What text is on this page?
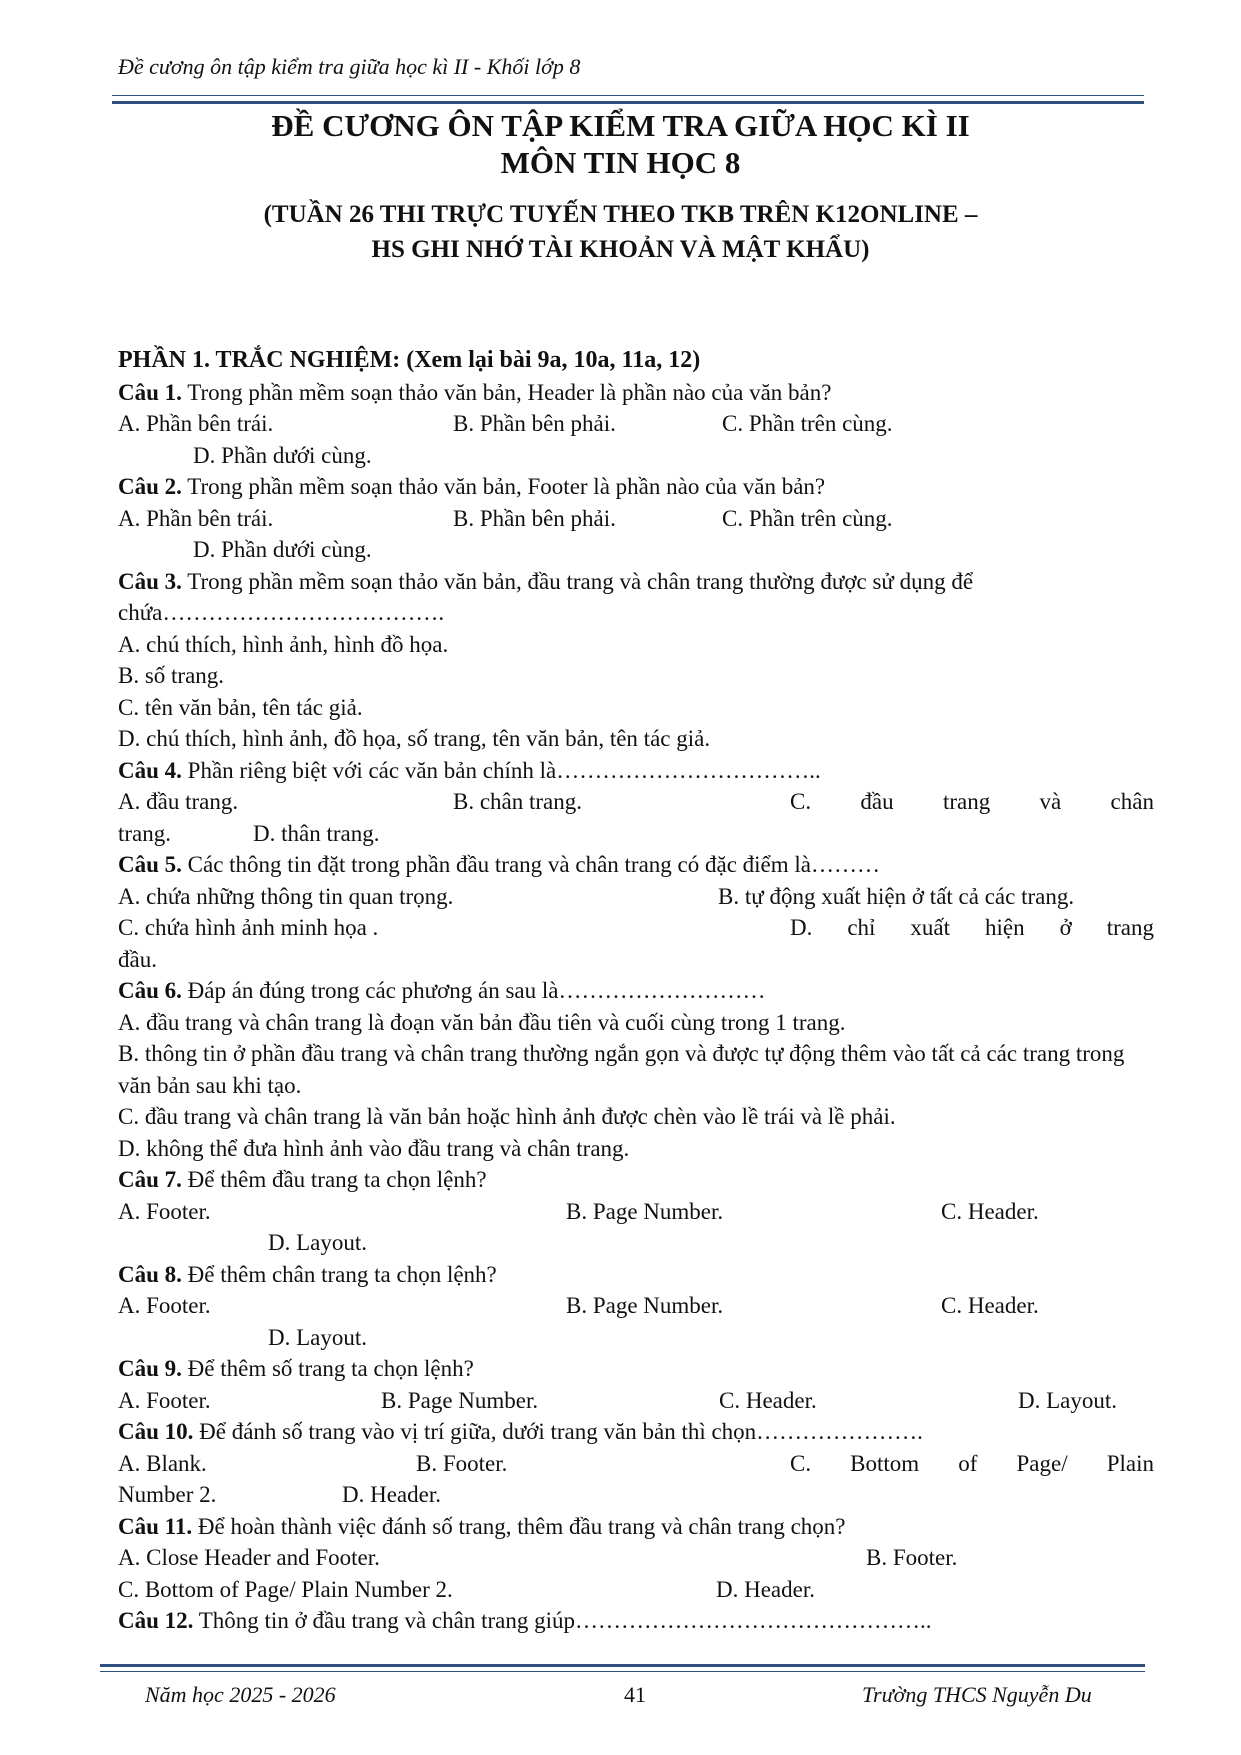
Đề cương ôn tập kiểm tra giữa học kì II - Khối lớp 8
ĐỀ CƯƠNG ÔN TẬP KIỂM TRA GIỮA HỌC KÌ II
MÔN TIN HỌC 8
(TUẦN 26 THI TRỰC TUYẾN THEO TKB TRÊN K12ONLINE –
HS GHI NHỚ TÀI KHOẢN VÀ MẬT KHẨU)
PHẦN 1. TRẮC NGHIỆM: (Xem lại bài 9a, 10a, 11a, 12)
Câu 1. Trong phần mềm soạn thảo văn bản, Header là phần nào của văn bản?
A. Phần bên trái.	B. Phần bên phải.	C. Phần trên cùng.
D. Phần dưới cùng.
Câu 2. Trong phần mềm soạn thảo văn bản, Footer là phần nào của văn bản?
A. Phần bên trái.	B. Phần bên phải.	C. Phần trên cùng.
D. Phần dưới cùng.
Câu 3. Trong phần mềm soạn thảo văn bản, đầu trang và chân trang thường được sử dụng để chứa……………………………….
A. chú thích, hình ảnh, hình đồ họa.
B. số trang.
C. tên văn bản, tên tác giả.
D. chú thích, hình ảnh, đồ họa, số trang, tên văn bản, tên tác giả.
Câu 4. Phần riêng biệt với các văn bản chính là……………………………..
A. đầu trang.	B. chân trang.	C. đầu trang và chân
trang.	D. thân trang.
Câu 5. Các thông tin đặt trong phần đầu trang và chân trang có đặc điểm là………
A. chứa những thông tin quan trọng.	B. tự động xuất hiện ở tất cả các trang.
C. chứa hình ảnh minh họa .	D. chỉ xuất hiện ở trang
đầu.
Câu 6. Đáp án đúng trong các phương án sau là………………………
A. đầu trang và chân trang là đoạn văn bản đầu tiên và cuối cùng trong 1 trang.
B. thông tin ở phần đầu trang và chân trang thường ngắn gọn và được tự động thêm vào tất cả các trang trong văn bản sau khi tạo.
C. đầu trang và chân trang là văn bản hoặc hình ảnh được chèn vào lề trái và lề phải.
D. không thể đưa hình ảnh vào đầu trang và chân trang.
Câu 7. Để thêm đầu trang ta chọn lệnh?
A. Footer.	B. Page Number.	C. Header.
D. Layout.
Câu 8. Để thêm chân trang ta chọn lệnh?
A. Footer.	B. Page Number.	C. Header.
D. Layout.
Câu 9. Để thêm số trang ta chọn lệnh?
A. Footer.	B. Page Number.	C. Header.	D. Layout.
Câu 10. Để đánh số trang vào vị trí giữa, dưới trang văn bản thì chọn………………….
A. Blank.	B. Footer.	C. Bottom of Page/ Plain
Number 2.	D. Header.
Câu 11. Để hoàn thành việc đánh số trang, thêm đầu trang và chân trang chọn?
A. Close Header and Footer.	B. Footer.
C. Bottom of Page/ Plain Number 2.	D. Header.
Câu 12. Thông tin ở đầu trang và chân trang giúp………………………………………..
Năm học 2025 - 2026	41	Trường THCS Nguyễn Du
